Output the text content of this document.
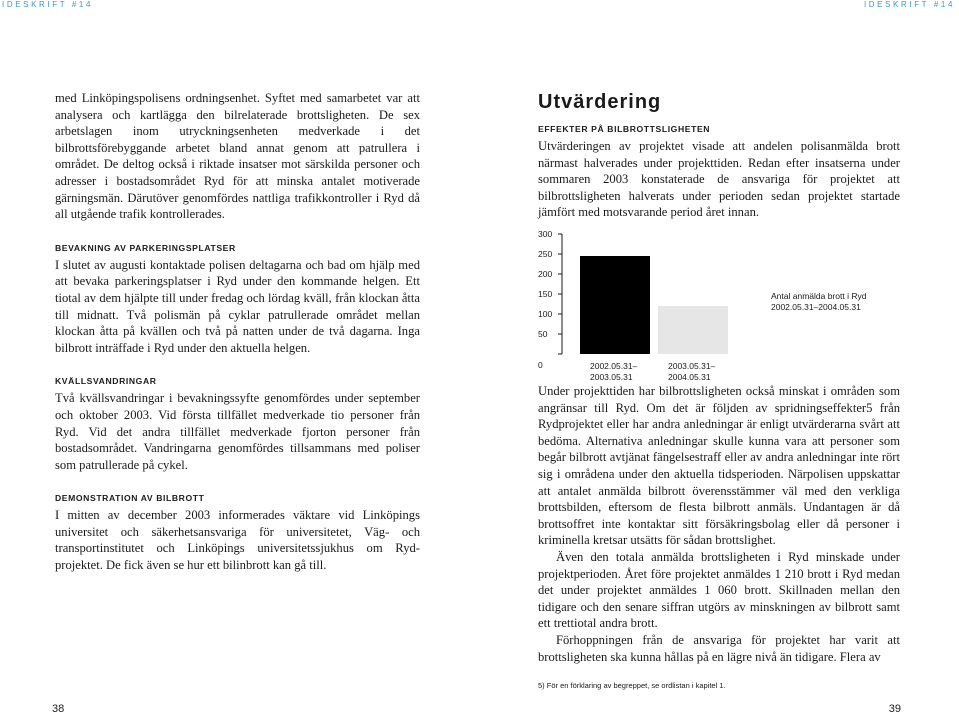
IDESKRIFT #14	IDESKRIFT #14

med Linköpingspolisens ordningsenhet. Syftet med samarbetet var att analysera och kartlägga den bilrelaterade brottsligheten. De sex arbetslagen inom utryckningsenheten medverkade i det bilbrottsförebyggande arbetet bland annat genom att patrullera i området. De deltog också i riktade insatser mot särskilda personer och adresser i bostadsområdet Ryd för att minska antalet motiverade gärningsmän. Därutöver genomfördes nattliga trafikkontroller i Ryd då all utgående trafik kontrollerades.

BEVAKNING AV PARKERINGSPLATSER

I slutet av augusti kontaktade polisen deltagarna och bad om hjälp med att bevaka parkeringsplatser i Ryd under den kommande helgen. Ett tiotal av dem hjälpte till under fredag och lördag kväll, från klockan åtta till midnatt. Två polismän på cyklar patrullerade området mellan klockan åtta på kvällen och två på natten under de två dagarna. Inga bilbrott inträffade i Ryd under den aktuella helgen.

KVÄLLSVANDRINGAR

Två kvällsvandringar i bevakningssyfte genomfördes under september och oktober 2003. Vid första tillfället medverkade tio personer från Ryd. Vid det andra tillfället medverkade fjorton personer från bostadsområdet. Vandringarna genomfördes tillsammans med poliser som patrullerade på cykel.

DEMONSTRATION AV BILBROTT

I mitten av december 2003 informerades väktare vid Linköpings universitet och säkerhetsansvariga för universitetet, Väg- och transportinstitutet och Linköpings universitetssjukhus om Ryd-projektet. De fick även se hur ett bilinbrott kan gå till.

Utvärdering
EFFEKTER PÅ BILBROTTSLIGHETEN

Utvärderingen av projektet visade att andelen polisanmälda brott närmast halverades under projekttiden. Redan efter insatserna under sommaren 2003 konstaterade de ansvariga för projektet att bilbrottsligheten halverats under perioden sedan projektet startade jämfört med motsvarande period året innan.

0
50
100
150
200
250
300
2002.05.31–
2003.05.31
2003.05.31–
2004.05.31
Antal anmälda brott i Ryd
2002.05.31–2004.05.31

Under projekttiden har bilbrottsligheten också minskat i områden som angränsar till Ryd. Om det är följden av spridningseffekter5 från Rydprojektet eller har andra anledningar är enligt utvärderarna svårt att bedöma. Alternativa anledningar skulle kunna vara att personer som begår bilbrott avtjänat fängelsestraff eller av andra anledningar inte rört sig i områdena under den aktuella tidsperioden. Närpolisen uppskattar att antalet anmälda bilbrott överensstämmer väl med den verkliga brottsbilden, eftersom de flesta bilbrott anmäls. Undantagen är då brottsoffret inte kontaktar sitt försäkringsbolag eller då personer i kriminella kretsar utsätts för sådan brottslighet.

Även den totala anmälda brottsligheten i Ryd minskade under projektperioden. Året före projektet anmäldes 1 210 brott i Ryd medan det under projektet anmäldes 1 060 brott. Skillnaden mellan den tidigare och den senare siffran utgörs av minskningen av bilbrott samt ett trettiotal andra brott.

Förhoppningen från de ansvariga för projektet har varit att brottsligheten ska kunna hållas på en lägre nivå än tidigare. Flera av

5) För en förklaring av begreppet, se ordlistan i kapitel 1.
38	39
